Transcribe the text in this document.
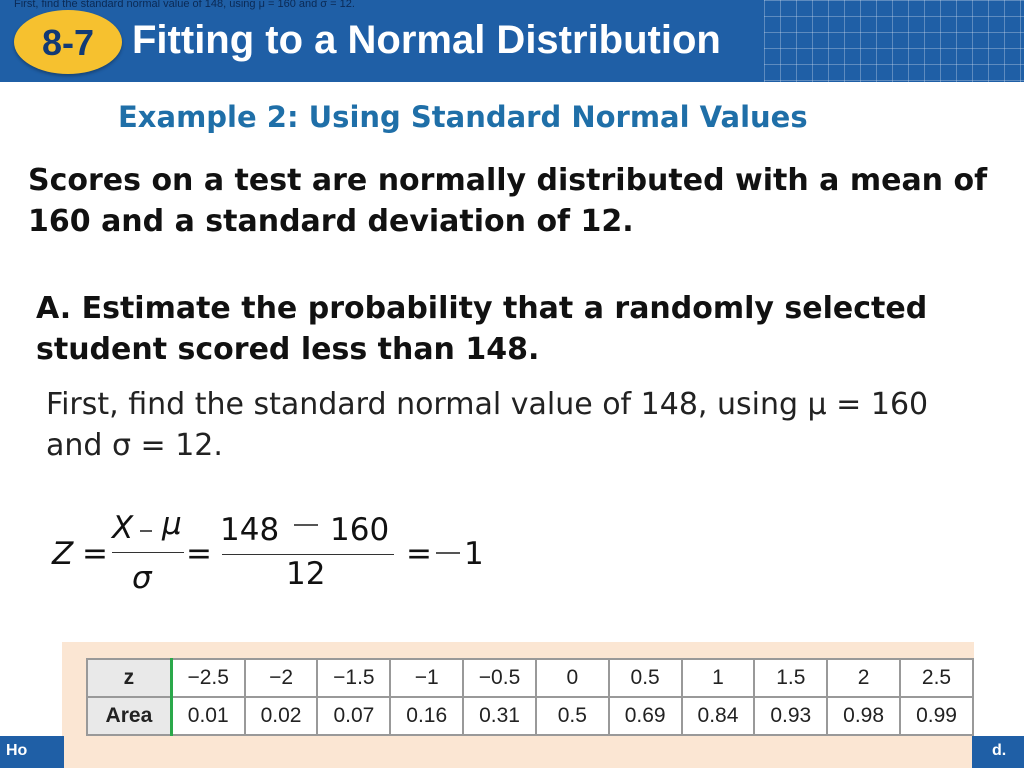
First, find the standard normal value of 148, using μ = 160 and σ = 12.
8-7 Fitting to a Normal Distribution
Example 2: Using Standard Normal Values
Scores on a test are normally distributed with a mean of 160 and a standard deviation of 12.
A. Estimate the probability that a randomly selected student scored less than 148.
First, find the standard normal value of 148, using μ = 160 and σ = 12.
Z =
X μ
σ
=
148 160
12
= 1
z	−2.5	−2	−1.5	−1	−0.5	0	0.5	1	1.5	2	2.5
Area	0.01	0.02	0.07	0.16	0.31	0.5	0.69	0.84	0.93	0.98	0.99
Ho	d.
